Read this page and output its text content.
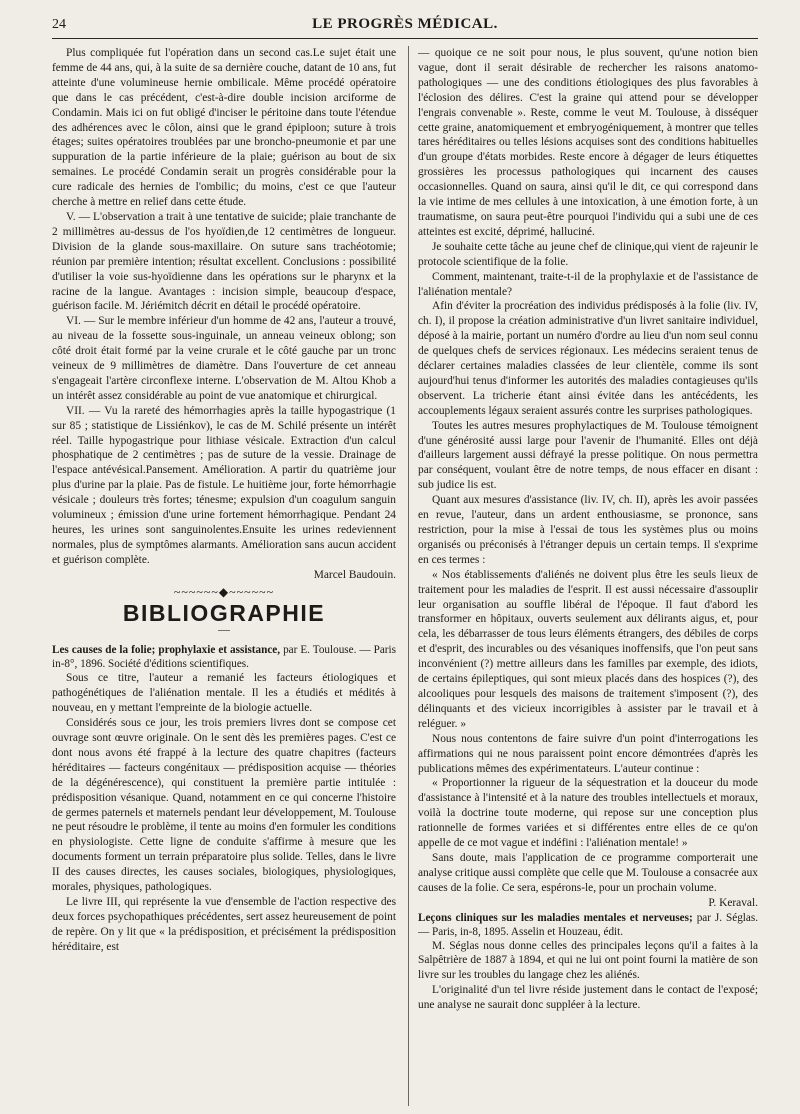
24	LE PROGRÈS MÉDICAL.

Plus compliquée fut l'opération dans un second cas.Le sujet était une femme de 44 ans, qui, à la suite de sa dernière couche, datant de 10 ans, fut atteinte d'une volumineuse hernie ombilicale. Même procédé opératoire que dans le cas précédent, c'est-à-dire double incision arciforme de Condamin. Mais ici on fut obligé d'inciser le péritoine dans toute l'étendue des adhérences avec le côlon, ainsi que le grand épiploon; suture à trois étages; suites opératoires troublées par une broncho-pneumonie et par une suppuration de la partie inférieure de la plaie; guérison au bout de six semaines. Le procédé Condamin serait un progrès considérable pour la cure radicale des hernies de l'ombilic; du moins, c'est ce que l'auteur cherche à mettre en relief dans cette étude.

V. — L'observation a trait à une tentative de suicide; plaie tranchante de 2 millimètres au-dessus de l'os hyoïdien,de 12 centimètres de longueur. Division de la glande sous-maxillaire. On suture sans trachéotomie; réunion par première intention; résultat excellent. Conclusions : possibilité d'utiliser la voie sus-hyoïdienne dans les opérations sur le pharynx et la racine de la langue. Avantages : incision simple, beaucoup d'espace, guérison facile. M. Jériémitch décrit en détail le procédé opératoire.

VI. — Sur le membre inférieur d'un homme de 42 ans, l'auteur a trouvé, au niveau de la fossette sous-inguinale, un anneau veineux oblong; son côté droit était formé par la veine crurale et le côté gauche par un tronc veineux de 9 millimètres de diamètre. Dans l'ouverture de cet anneau s'engageait l'artère circonflexe interne. L'observation de M. Altou Khob a un intérêt assez considérable au point de vue anatomique et chirurgical.

VII. — Vu la rareté des hémorrhagies après la taille hypogastrique (1 sur 85 ; statistique de Lissiénkov), le cas de M. Schilé présente un intérêt réel. Taille hypogastrique pour lithiase vésicale. Extraction d'un calcul phosphatique de 2 centimètres ; pas de suture de la vessie. Drainage de l'espace antévésical.Pansement. Amélioration. A partir du quatrième jour plus d'urine par la plaie. Pas de fistule. Le huitième jour, forte hémorrhagie vésicale ; douleurs très fortes; ténesme; expulsion d'un coagulum sanguin volumineux ; émission d'une urine fortement hémorrhagique. Pendant 24 heures, les urines sont sanguinolentes.Ensuite les urines redeviennent normales, plus de symptômes alarmants. Amélioration sans aucun accident et guérison complète.

Marcel Baudouin.

~~~~~~◆~~~~~~
BIBLIOGRAPHIE
—

Les causes de la folie; prophylaxie et assistance, par E. Toulouse. — Paris in-8°, 1896. Société d'éditions scientifiques.

Sous ce titre, l'auteur a remanié les facteurs étiologiques et pathogénétiques de l'aliénation mentale. Il les a étudiés et médités à nouveau, en y mettant l'empreinte de la biologie actuelle.

Considérés sous ce jour, les trois premiers livres dont se compose cet ouvrage sont œuvre originale. On le sent dès les premières pages. C'est ce dont nous avons été frappé à la lecture des quatre chapitres (facteurs héréditaires — facteurs congénitaux — prédisposition acquise — théories de la dégénérescence), qui constituent la première partie intitulée : prédisposition vésanique. Quand, notamment en ce qui concerne l'histoire de germes paternels et maternels pendant leur développement, M. Toulouse ne peut résoudre le problème, il tente au moins d'en formuler les conditions en physiologiste. Cette ligne de conduite s'affirme à mesure que les documents forment un terrain préparatoire plus solide. Telles, dans le livre II des causes directes, les causes sociales, biologiques, physiologiques, morales, physiques, pathologiques.

Le livre III, qui représente la vue d'ensemble de l'action respective des deux forces psychopathiques précédentes, sert assez heureusement de point de repère. On y lit que « la prédisposition, et précisément la prédisposition héréditaire, est

— quoique ce ne soit pour nous, le plus souvent, qu'une notion bien vague, dont il serait désirable de rechercher les raisons anatomo-pathologiques — une des conditions étiologiques des plus favorables à l'éclosion des délires. C'est la graine qui attend pour se développer l'engrais convenable ». Reste, comme le veut M. Toulouse, à disséquer cette graine, anatomiquement et embryogéniquement, à montrer que telles tares héréditaires ou telles lésions acquises sont des conditions habituelles d'un groupe d'états morbides. Reste encore à dégager de leurs étiquettes grossières les processus pathologiques qui incarnent des causes occasionnelles. Quand on saura, ainsi qu'il le dit, ce qui correspond dans la vie intime de mes cellules à une intoxication, à une émotion forte, à un traumatisme, on saura peut-être pourquoi l'individu qui a subi une de ces atteintes est excité, déprimé, halluciné.

Je souhaite cette tâche au jeune chef de clinique,qui vient de rajeunir le protocole scientifique de la folie.

Comment, maintenant, traite-t-il de la prophylaxie et de l'assistance de l'aliénation mentale?

Afin d'éviter la procréation des individus prédisposés à la folie (liv. IV, ch. I), il propose la création administrative d'un livret sanitaire individuel, déposé à la mairie, portant un numéro d'ordre au lieu d'un nom seul connu de quelques chefs de services régionaux. Les médecins seraient tenus de déclarer certaines maladies classées de leur clientèle, comme ils sont aujourd'hui tenus d'informer les autorités des maladies contagieuses qu'ils observent. La tricherie étant ainsi évitée dans les antécédents, les accouplements légaux seraient assurés contre les surprises pathologiques.

Toutes les autres mesures prophylactiques de M. Toulouse témoignent d'une générosité aussi large pour l'avenir de l'humanité. Elles ont déjà d'ailleurs largement aussi défrayé la presse politique. On nous permettra par conséquent, voulant être de notre temps, de nous effacer en disant : sub judice lis est.

Quant aux mesures d'assistance (liv. IV, ch. II), après les avoir passées en revue, l'auteur, dans un ardent enthousiasme, se prononce, sans restriction, pour la mise à l'essai de tous les systèmes plus ou moins organisés ou préconisés à l'étranger depuis un certain temps. Il s'exprime en ces termes :

« Nos établissements d'aliénés ne doivent plus être les seuls lieux de traitement pour les maladies de l'esprit. Il est aussi nécessaire d'assouplir leur organisation au souffle libéral de l'époque. Il faut d'abord les transformer en hôpitaux, ouverts seulement aux délirants aigus, et, pour cela, les débarrasser de tous leurs éléments étrangers, des débiles de corps et d'esprit, des incurables ou des vésaniques inoffensifs, que l'on peut sans inconvénient (?) mettre ailleurs dans les familles par exemple, des idiots, de certains épileptiques, qui sont mieux placés dans des hospices (?), des alcooliques pour lesquels des maisons de traitement s'imposent (?), des délinquants et des vicieux incorrigibles à assister par le travail et à reléguer. »

Nous nous contentons de faire suivre d'un point d'interrogations les affirmations qui ne nous paraissent point encore démontrées d'après les publications mêmes des expérimentateurs. L'auteur continue :

« Proportionner la rigueur de la séquestration et la douceur du mode d'assistance à l'intensité et à la nature des troubles intellectuels et moraux, voilà la doctrine toute moderne, qui repose sur une conception plus rationnelle de formes variées et si différentes entre elles de ce qu'on appelle de ce mot vague et indéfini : l'aliénation mentale! »

Sans doute, mais l'application de ce programme comporterait une analyse critique aussi complète que celle que M. Toulouse a consacrée aux causes de la folie. Ce sera, espérons-le, pour un prochain volume.

P. Keraval.

Leçons cliniques sur les maladies mentales et nerveuses; par J. Séglas. — Paris, in-8, 1895. Asselin et Houzeau, édit.

M. Séglas nous donne celles des principales leçons qu'il a faites à la Salpêtrière de 1887 à 1894, et qui ne lui ont point fourni la matière de son livre sur les troubles du langage chez les aliénés.

L'originalité d'un tel livre réside justement dans le contact de l'exposé; une analyse ne saurait donc suppléer à la lecture.
